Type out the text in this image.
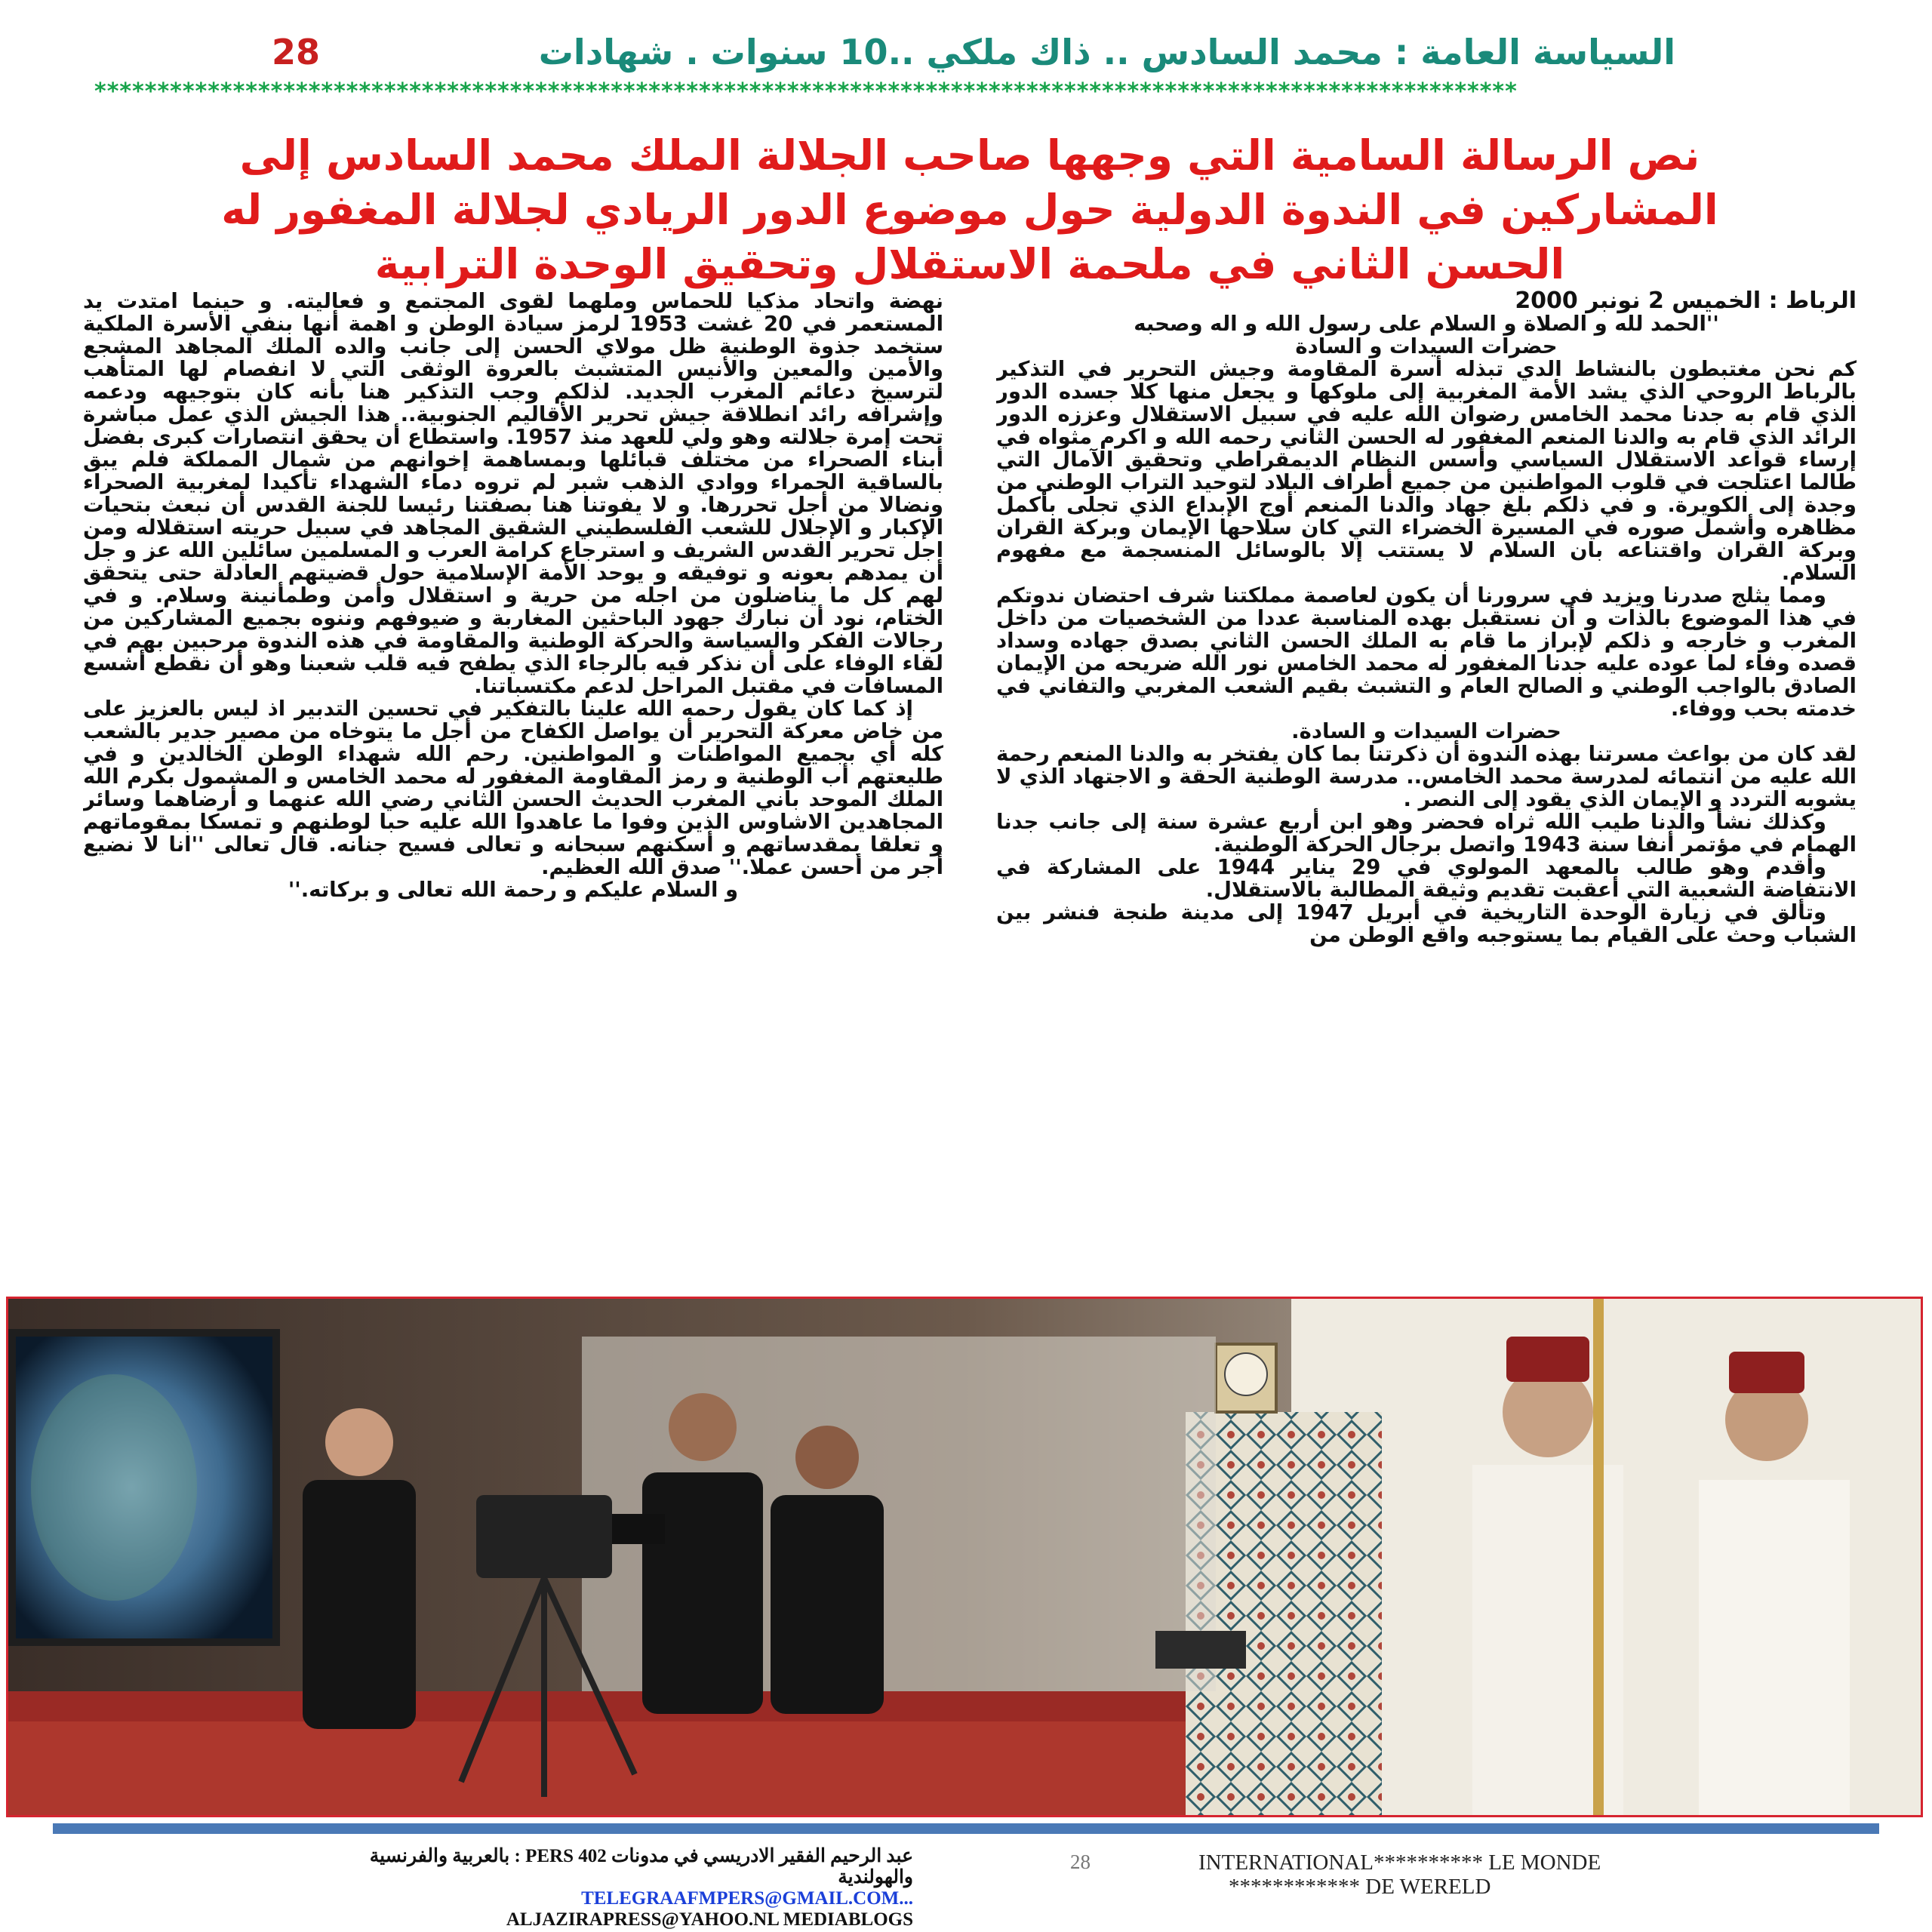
السياسة العامة : محمد السادس .. ذاك ملكي ..10 سنوات . شهادات
28
*****************************************************************************************************************
نص الرسالة السامية التي وجهها صاحب الجلالة الملك محمد السادس إلى
المشاركين في الندوة الدولية حول موضوع الدور الريادي لجلالة المغفور له
الحسن الثاني في ملحمة الاستقلال وتحقيق الوحدة الترابية

الرباط : الخميس 2 نونبر 2000

''الحمد لله و الصلاة و السلام على رسول الله و اله وصحبه

حضرات السيدات و السادة

كم نحن مغتبطون بالنشاط الدي تبذله أسرة المقاومة وجيش التحرير في التذكير بالرباط الروحي الذي يشد الأمة المغربية إلى ملوكها و يجعل منها كلا جسده الدور الذي قام به جدنا محمد الخامس رضوان الله عليه في سبيل الاستقلال وعززه الدور الرائد الذي قام به والدنا المنعم المغفور له الحسن الثاني رحمه الله و اكرم مثواه في إرساء قواعد الاستقلال السياسي وأسس النظام الديمقراطي وتحقيق الآمال التي طالما اعتلجت في قلوب المواطنين من جميع أطراف البلاد لتوحيد التراب الوطني من وجدة إلى الكويرة. و في ذلكم بلغ جهاد والدنا المنعم أوج الإبداع الذي تجلى بأكمل مظاهره وأشمل صوره في المسيرة الخضراء التي كان سلاحها الإيمان وبركة القران وبركة القران واقتناعه بان السلام لا يستتب إلا بالوسائل المنسجمة مع مفهوم السلام.

ومما يثلج صدرنا ويزيد في سرورنا أن يكون لعاصمة مملكتنا شرف احتضان ندوتكم في هذا الموضوع بالذات و أن نستقبل بهده المناسبة عددا من الشخصيات من داخل المغرب و خارجه و ذلكم لإبراز ما قام به الملك الحسن الثاني بصدق جهاده وسداد قصده وفاء لما عوده عليه جدنا المغفور له محمد الخامس نور الله ضريحه من الإيمان الصادق بالواجب الوطني و الصالح العام و التشبث بقيم الشعب المغربي والتفاني في خدمته بحب ووفاء.

حضرات السيدات و السادة.

لقد كان من بواعث مسرتنا بهذه الندوة أن ذكرتنا بما كان يفتخر به والدنا المنعم رحمة الله عليه من انتمائه لمدرسة محمد الخامس.. مدرسة الوطنية الحقة و الاجتهاد الذي لا يشوبه التردد و الإيمان الذي يقود إلى النصر .

وكذلك نشأ والدنا طيب الله ثراه فحضر وهو ابن أربع عشرة سنة إلى جانب جدنا الهمام في مؤتمر أنفا سنة 1943 واتصل برجال الحركة الوطنية.

وأقدم وهو طالب بالمعهد المولوي في 29 يناير 1944 على المشاركة في الانتفاضة الشعبية التي أعقبت تقديم وثيقة المطالبة بالاستقلال.

وتألق في زيارة الوحدة التاريخية في أبريل 1947 إلى مدينة طنجة فنشر بين الشباب وحث على القيام بما يستوجبه واقع الوطن من

نهضة واتحاد مذكيا للحماس وملهما لقوى المجتمع و فعاليته. و حينما امتدت يد المستعمر في 20 غشت 1953 لرمز سيادة الوطن و اهمة أنها بنفي الأسرة الملكية ستخمد جذوة الوطنية ظل مولاي الحسن إلى جانب والده الملك المجاهد المشجع والأمين والمعين والأنيس المتشبث بالعروة الوثقى التي لا انفصام لها المتأهب لترسيخ دعائم المغرب الجديد. لذلكم وجب التذكير هنا بأنه كان بتوجيهه ودعمه وإشرافه رائد انطلاقة جيش تحرير الأقاليم الجنوبية.. هذا الجيش الذي عمل مباشرة تحت إمرة جلالته وهو ولي للعهد منذ 1957. واستطاع أن يحقق انتصارات كبرى بفضل أبناء الصحراء من مختلف قبائلها وبمساهمة إخوانهم من شمال المملكة فلم يبق بالساقية الحمراء ووادي الذهب شبر لم تروه دماء الشهداء تأكيدا لمغربية الصحراء ونضالا من أجل تحررها. و لا يفوتنا هنا بصفتنا رئيسا للجنة القدس أن نبعث بتحيات الإكبار و الإجلال للشعب الفلسطيني الشقيق المجاهد في سبيل حريته استقلاله ومن اجل تحرير القدس الشريف و استرجاع كرامة العرب و المسلمين سائلين الله عز و جل أن يمدهم بعونه و توفيقه و يوحد الأمة الإسلامية حول قضيتهم العادلة حتى يتحقق لهم كل ما يناضلون من اجله من حرية و استقلال وأمن وطمأنينة وسلام. و في الختام، نود أن نبارك جهود الباحثين المغاربة و ضيوفهم وننوه بجميع المشاركين من رجالات الفكر والسياسة والحركة الوطنية والمقاومة في هذه الندوة مرحبين بهم في لقاء الوفاء على أن نذكر فيه بالرجاء الذي يطفح فيه قلب شعبنا وهو أن نقطع أشسع المسافات في مقتبل المراحل لدعم مكتسباتنا.

إذ كما كان يقول رحمه الله علينا بالتفكير في تحسين التدبير اذ ليس بالعزيز على من خاض معركة التحرير أن يواصل الكفاح من أجل ما يتوخاه من مصير جدير بالشعب كله أي بجميع المواطنات و المواطنين. رحم الله شهداء الوطن الخالدين و في طليعتهم أب الوطنية و رمز المقاومة المغفور له محمد الخامس و المشمول بكرم الله الملك الموحد باني المغرب الحديث الحسن الثاني رضي الله عنهما و أرضاهما وسائر المجاهدين الاشاوس الذين وفوا ما عاهدوا الله عليه حبا لوطنهم و تمسكا بمقوماتهم و تعلقا بمقدساتهم و أسكنهم سبحانه و تعالى فسيح جنانه. قال تعالى ''انا لا نضيع أجر من أحسن عملا.'' صدق الله العظيم.

و السلام عليكم و رحمة الله تعالى و بركاته.''

عبد الرحيم الفقير الادريسي في مدونات PERS 402 : بالعربية والفرنسية
والهولندية
TELEGRAAFMPERS@GMAIL.COM...
ALJAZIRAPRESS@YAHOO.NL MEDIABLOGS
28	INTERNATIONAL********** LE MONDE
************ DE WERELD
